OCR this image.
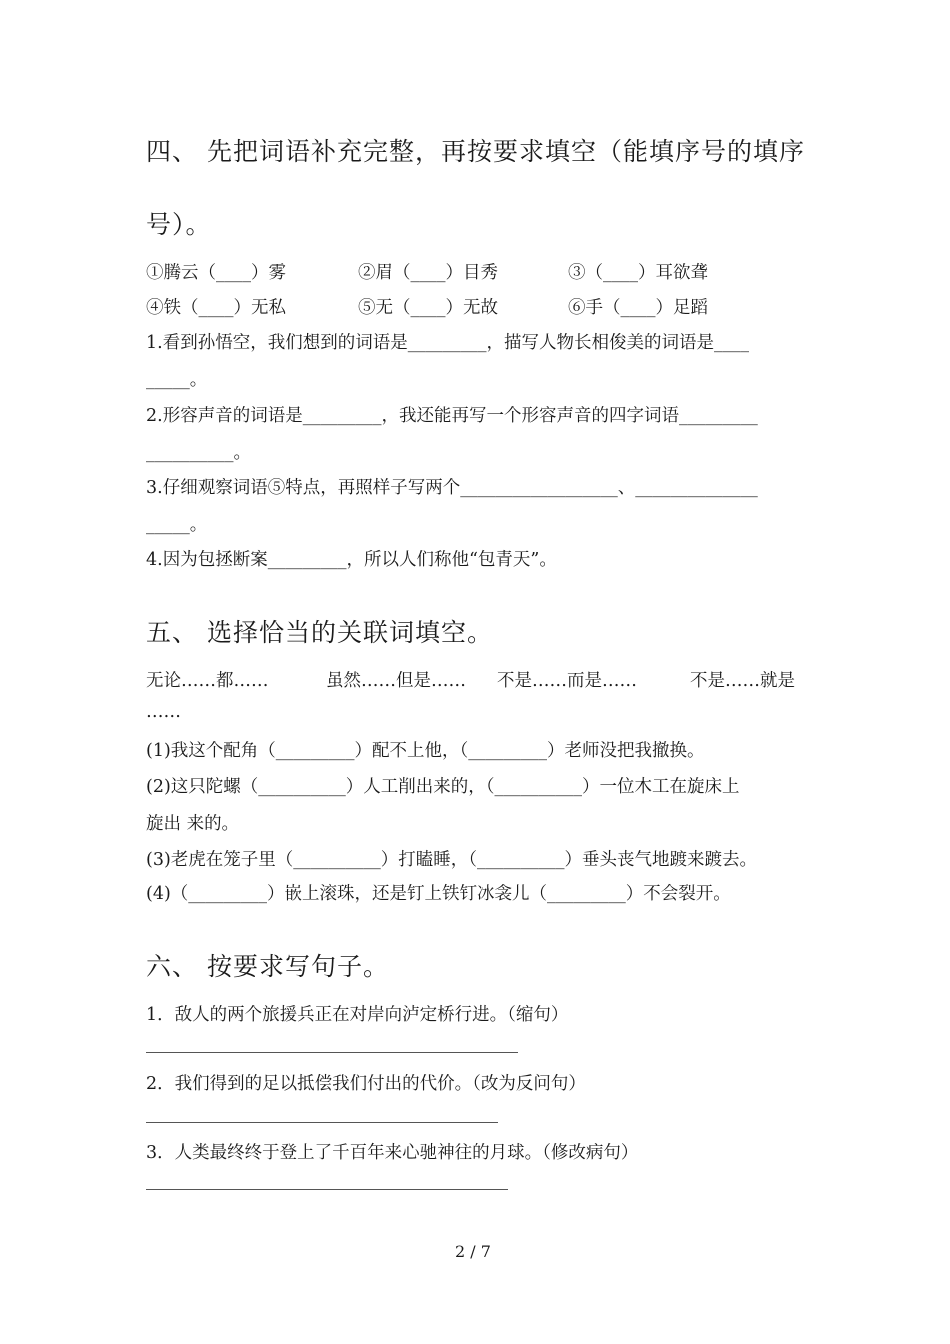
四、 先把词语补充完整，再按要求填空（能填序号的填序
号）。
①腾云（____）雾	②眉（____）目秀	③（____）耳欲聋
④铁（____）无私	⑤无（____）无故	⑥手（____）足蹈
1.看到孙悟空，我们想到的词语是_________，描写人物长相俊美的词语是____
_____。
2.形容声音的词语是_________，我还能再写一个形容声音的四字词语_________
__________。
3.仔细观察词语⑤特点，再照样子写两个__________________、______________
_____。
4.因为包拯断案_________，所以人们称他“包青天”。
五、 选择恰当的关联词填空。
无论……都……	虽然……但是…… 不是……而是……	不是……就是
……
(1)我这个配角（_________）配不上他，（_________）老师没把我撤换。
(2)这只陀螺（__________）人工削出来的，（__________）一位木工在旋床上
旋出 来的。
(3)老虎在笼子里（__________）打瞌睡，（__________）垂头丧气地踱来踱去。
(4)（_________）嵌上滚珠，还是钉上铁钉冰衾儿（_________）不会裂开。
六、 按要求写句子。
1．敌人的两个旅援兵正在对岸向泸定桥行进。（缩句）
2．我们得到的足以抵偿我们付出的代价。（改为反问句）
3．人类最终终于登上了千百年来心驰神往的月球。（修改病句）
2 / 7
